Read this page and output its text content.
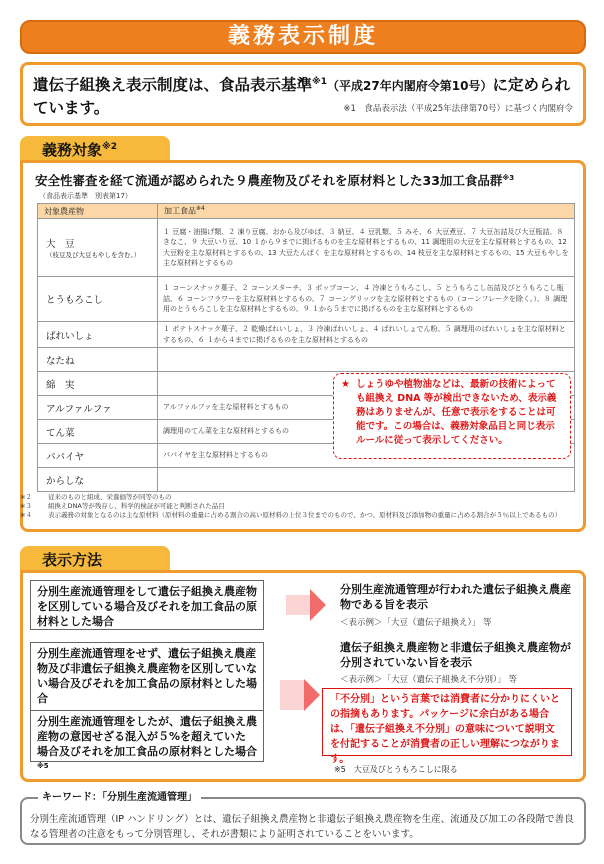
義務表示制度
遺伝子組換え表示制度は、食品表示基準$^{※1}$（平成27年内閣府令第10号）に定められています。	※1　食品表示法（平成25年法律第70号）に基づく内閣府令
義務対象$^{※2}$
安全性審査を経て流通が認められた９農産物及びそれを原材料とした33加工食品群$^{※3}$
（食品表示基準　別表第17）
対象農産物	加工食品$^{※4}$
大　豆
（枝豆及び大豆もやしを含む。）	１ 豆腐・油揚げ類、２ 凍り豆腐、おから及びゆば、３ 納豆、４ 豆乳類、５ みそ、６ 大豆煮豆、７ 大豆缶詰及び大豆瓶詰、８ きなこ、９ 大豆いり豆、10 １から９までに掲げるものを主な原材料とするもの、11 調理用の大豆を主な原材料とするもの、12 大豆粉を主な原材料とするもの、13 大豆たんぱく を主な原材料とするもの、14 枝豆を主な原材料とするもの、15 大豆もやしを主な原材料とするもの
とうもろこし	１ コーンスナック菓子、２ コーンスターチ、３ ポップコーン、４ 冷凍とうもろこし、５ とうもろこし缶詰及びとうもろこし瓶詰、６ コーンフラワーを主な原材料とするもの、７ コーングリッツを主な原材料とするもの（コーンフレークを除く。）、８ 調理用のとうもろこしを主な原材料とするもの、９ １から５までに掲げるものを主な原材料とするもの
ばれいしょ	１ ポテトスナック菓子、２ 乾燥ばれいしょ、３ 冷凍ばれいしょ、４ ばれいしょでん粉、５ 調理用のばれいしょを主な原材料とするもの、６ １から４までに掲げるものを主な原材料とするもの
なたね	
綿　実	
アルファルファ	アルファルファを主な原材料とするもの
てん菜	調理用のてん菜を主な原材料とするもの
パパイヤ	パパイヤを主な原材料とするもの
からしな	
★ しょうゆや植物油などは、最新の技術によっても組換え DNA 等が検出できないため、表示義務はありませんが、任意で表示をすることは可能です。この場合は、義務対象品目と同じ表示ルールに従って表示してください。
※２	従来のものと組成、栄養価等が同等のもの
※３	組換えDNA等が残存し、科学的検証が可能と判断された品目
※４	表示義務の対象となるのは主な原材料（原材料の重量に占める割合の高い原材料の上位３位までのもので、かつ、原材料及び添加物の重量に占める割合が５％以上であるもの）
表示方法
分別生産流通管理をして遺伝子組換え農産物を区別している場合及びそれを加工食品の原材料とした場合
分別生産流通管理が行われた遺伝子組換え農産物である旨を表示
＜表示例＞「大豆（遺伝子組換え）」 等
分別生産流通管理をせず、遺伝子組換え農産物及び非遺伝子組換え農産物を区別していない場合及びそれを加工食品の原材料とした場合
分別生産流通管理をしたが、遺伝子組換え農産物の意図せざる混入が５%を超えていた場合及びそれを加工食品の原材料とした場合$^{※5}$
遺伝子組換え農産物と非遺伝子組換え農産物が分別されていない旨を表示
＜表示例＞「大豆（遺伝子組換え不分別）」 等
「不分別」という言葉では消費者に分かりにくいとの指摘もあります。パッケージに余白がある場合は、「遺伝子組換え不分別」の意味について説明文を付記することが消費者の正しい理解につながります。
※5　大豆及びとうもろこしに限る
キーワード：「分別生産流通管理」
分別生産流通管理（IP ハンドリング）とは、遺伝子組換え農産物と非遺伝子組換え農産物を生産、流通及び加工の各段階で善良なる管理者の注意をもって分別管理し、それが書類により証明されていることをいいます。
